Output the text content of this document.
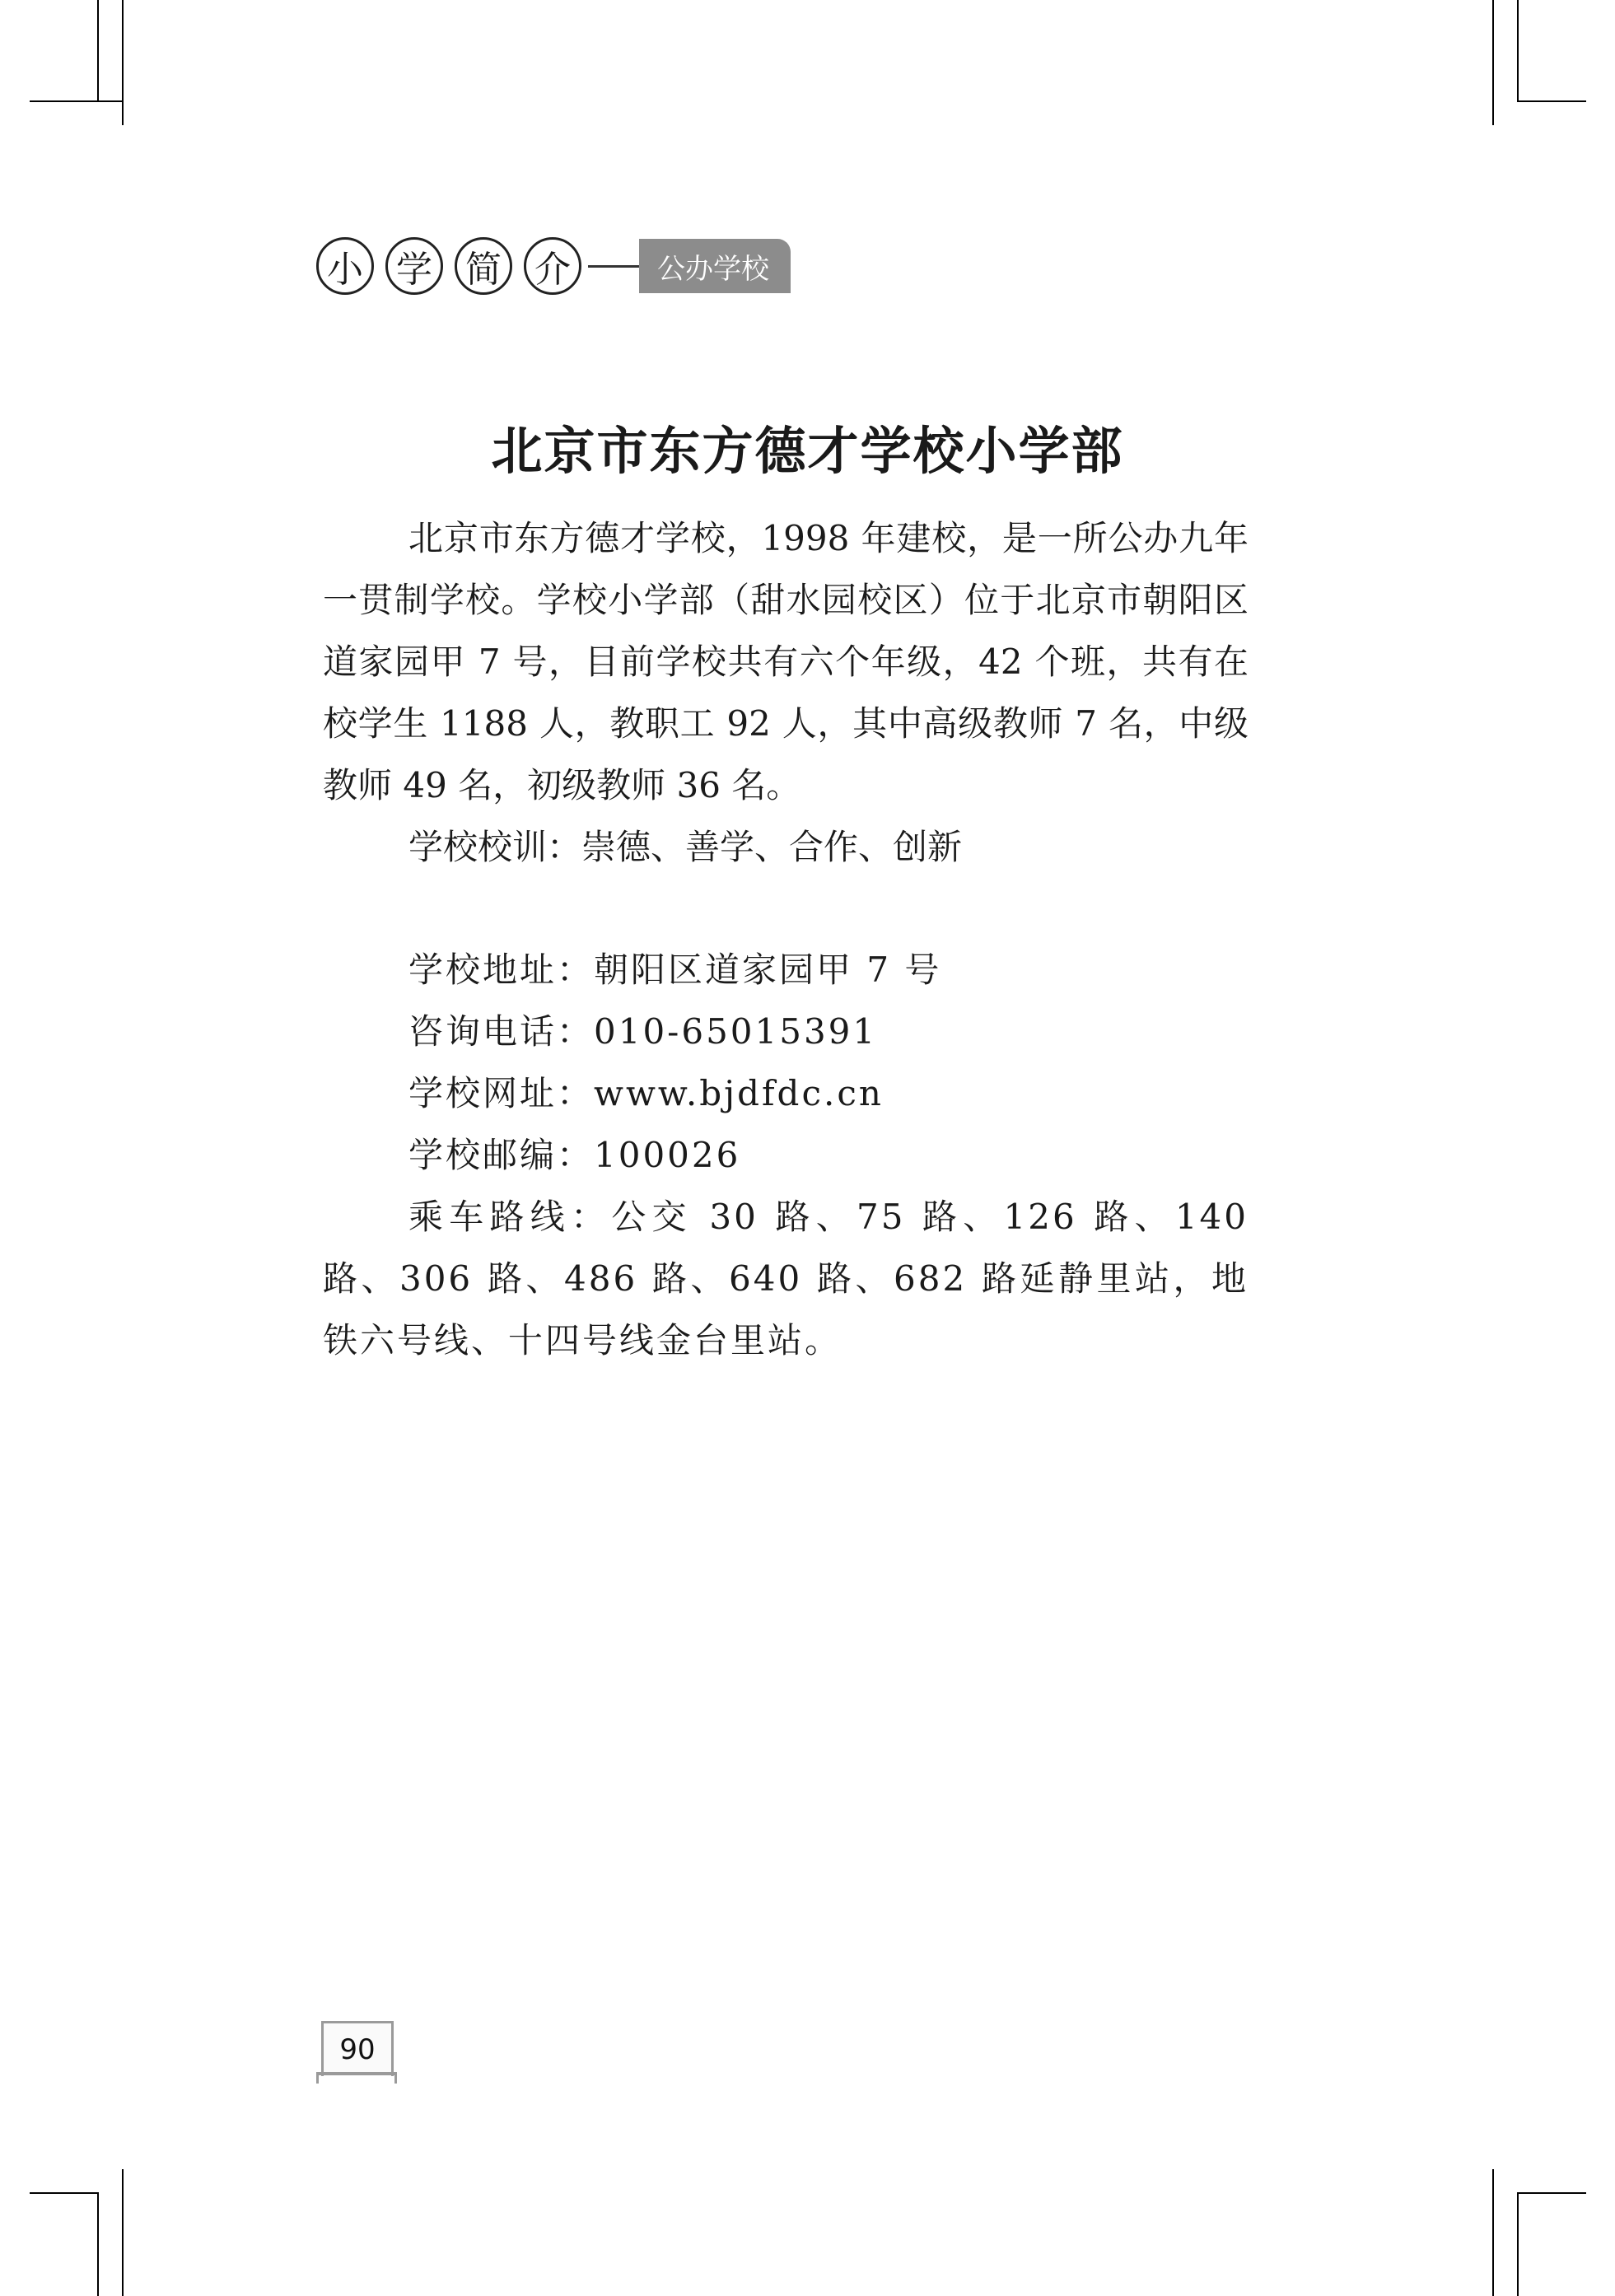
小 学 简 介	公办学校
北京市东方德才学校小学部

北京市东方德才学校，1998 年建校，是一所公办九年一贯制学校。学校小学部（甜水园校区）位于北京市朝阳区道家园甲 7 号，目前学校共有六个年级，42 个班，共有在校学生 1188 人，教职工 92 人，其中高级教师 7 名，中级教师 49 名，初级教师 36 名。

学校校训：崇德、善学、合作、创新

学校地址：朝阳区道家园甲 7 号
咨询电话：010-65015391
学校网址：www.bjdfdc.cn
学校邮编：100026

乘车路线：公交 30 路、75 路、126 路、140 路、306 路、486 路、640 路、682 路延静里站，地铁六号线、十四号线金台里站。

90
